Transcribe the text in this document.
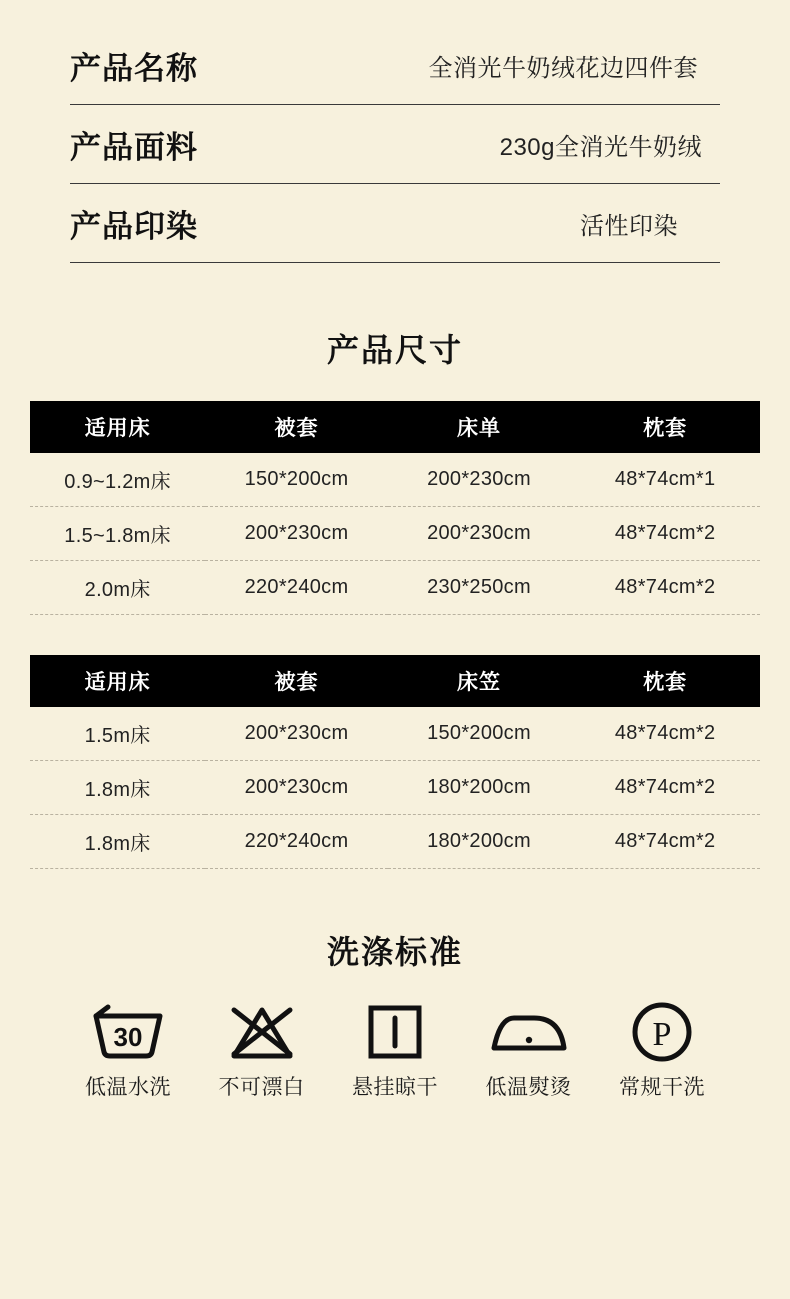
产品名称	全消光牛奶绒花边四件套
产品面料	230g全消光牛奶绒
产品印染	活性印染
产品尺寸
适用床	被套	床单	枕套
0.9~1.2m床	150*200cm	200*230cm	48*74cm*1
1.5~1.8m床	200*230cm	200*230cm	48*74cm*2
2.0m床	220*240cm	230*250cm	48*74cm*2
适用床	被套	床笠	枕套
1.5m床	200*230cm	150*200cm	48*74cm*2
1.8m床	200*230cm	180*200cm	48*74cm*2
1.8m床	220*240cm	180*200cm	48*74cm*2
洗涤标准
30
低温水洗 不可漂白 悬挂晾干 低温熨烫
P
常规干洗
